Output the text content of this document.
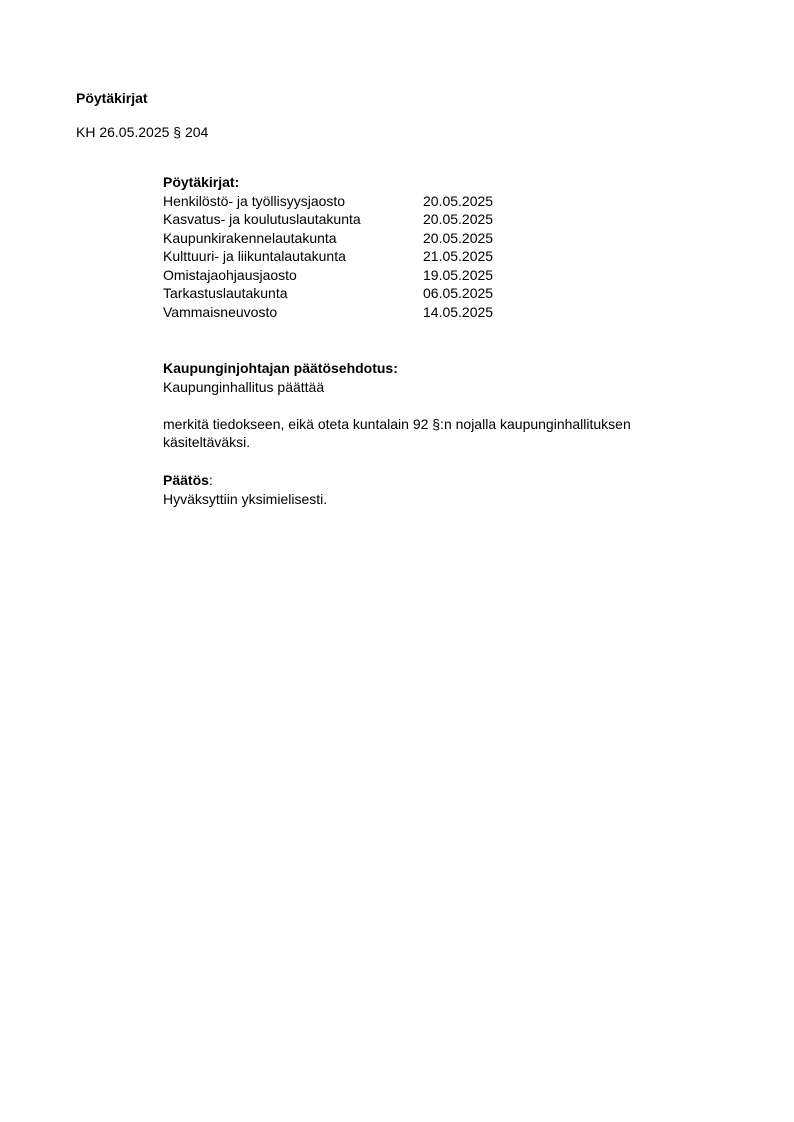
Pöytäkirjat
KH 26.05.2025 § 204
Pöytäkirjat:
Henkilöstö- ja työllisyysjaosto	20.05.2025
Kasvatus- ja koulutuslautakunta	20.05.2025
Kaupunkirakennelautakunta	20.05.2025
Kulttuuri- ja liikuntalautakunta	21.05.2025
Omistajaohjausjaosto	19.05.2025
Tarkastuslautakunta	06.05.2025
Vammaisneuvosto	14.05.2025
Kaupunginjohtajan päätösehdotus:
Kaupunginhallitus päättää
merkitä tiedokseen, eikä oteta kuntalain 92 §:n nojalla kaupunginhallituksen käsiteltäväksi.
Päätös:
Hyväksyttiin yksimielisesti.
